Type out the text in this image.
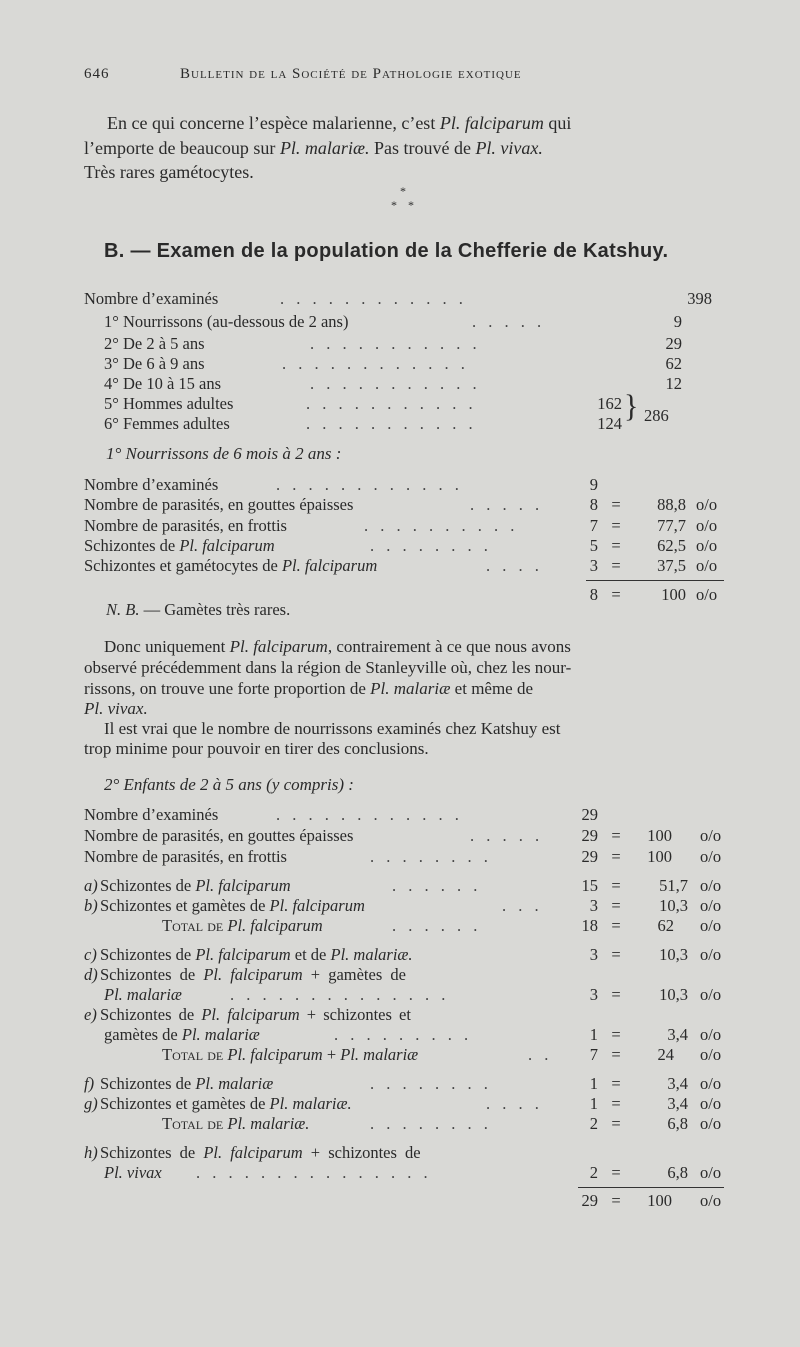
646	Bulletin de la Société de Pathologie exotique
En ce qui concerne l’espèce malarienne, c’est Pl. falciparum qui
l’emporte de beaucoup sur Pl. malariæ. Pas trouvé de Pl. vivax.
Très rares gamétocytes.
*
* *
B. — Examen de la population de la Chefferie de Katshuy.
Nombre d’examinés	. . . . . . . . . . . .	398
1° Nourrissons (au-dessous de 2 ans)	. . . . .	9
2° De 2 à 5 ans	. . . . . . . . . . .	29
3° De 6 à 9 ans	. . . . . . . . . . . .	62
4° De 10 à 15 ans	. . . . . . . . . . .	12
5° Hommes adultes	. . . . . . . . . . .	162
6° Femmes adultes	. . . . . . . . . . .	124 } 286
1° Nourrissons de 6 mois à 2 ans :
Nombre d’examinés	. . . . . . . . . . . .	9
Nombre de parasités, en gouttes épaisses	. . . . .	8 =	88,8 o/o
Nombre de parasités, en frottis	. . . . . . . . . .	7 =	77,7 o/o
Schizontes de Pl. falciparum	. . . . . . . .	5 =	62,5 o/o
Schizontes et gamétocytes de Pl. falciparum	. . . .	3 =	37,5 o/o
8 =	100 o/o
N. B. — Gamètes très rares.
Donc uniquement Pl. falciparum, contrairement à ce que nous avons
observé précédemment dans la région de Stanleyville où, chez les nour-
rissons, on trouve une forte proportion de Pl. malariæ et même de
Pl. vivax.
Il est vrai que le nombre de nourrissons examinés chez Katshuy est
trop minime pour pouvoir en tirer des conclusions.
2° Enfants de 2 à 5 ans (y compris) :
Nombre d’examinés	. . . . . . . . . . . .	29
Nombre de parasités, en gouttes épaisses	. . . . .	29 =	100 o/o
Nombre de parasités, en frottis	. . . . . . . .	29 =	100 o/o
a) Schizontes de Pl. falciparum	. . . . . .	15 =	51,7 o/o
b) Schizontes et gamètes de Pl. falciparum	. . .	3 =	10,3 o/o
Total de Pl. falciparum	. . . . . .	18 =	62 o/o
c) Schizontes de Pl. falciparum et de Pl. malariæ.	3 =	10,3 o/o
d) Schizontes de Pl. falciparum + gamètes de
Pl. malariæ	. . . . . . . . . . . . . .	3 =	10,3 o/o
e) Schizontes de Pl. falciparum + schizontes et
gamètes de Pl. malariæ	. . . . . . . . .	1 =	3,4 o/o
Total de Pl. falciparum + Pl. malariæ	. .	7 =	24 o/o
f) Schizontes de Pl. malariæ	. . . . . . . .	1 =	3,4 o/o
g) Schizontes et gamètes de Pl. malariæ.	. . . .	1 =	3,4 o/o
Total de Pl. malariæ.	. . . . . . . .	2 =	6,8 o/o
h) Schizontes de Pl. falciparum + schizontes de
Pl. vivax . . . . . . . . . . . . . . .	2 =	6,8 o/o
29 =	100 o/o
